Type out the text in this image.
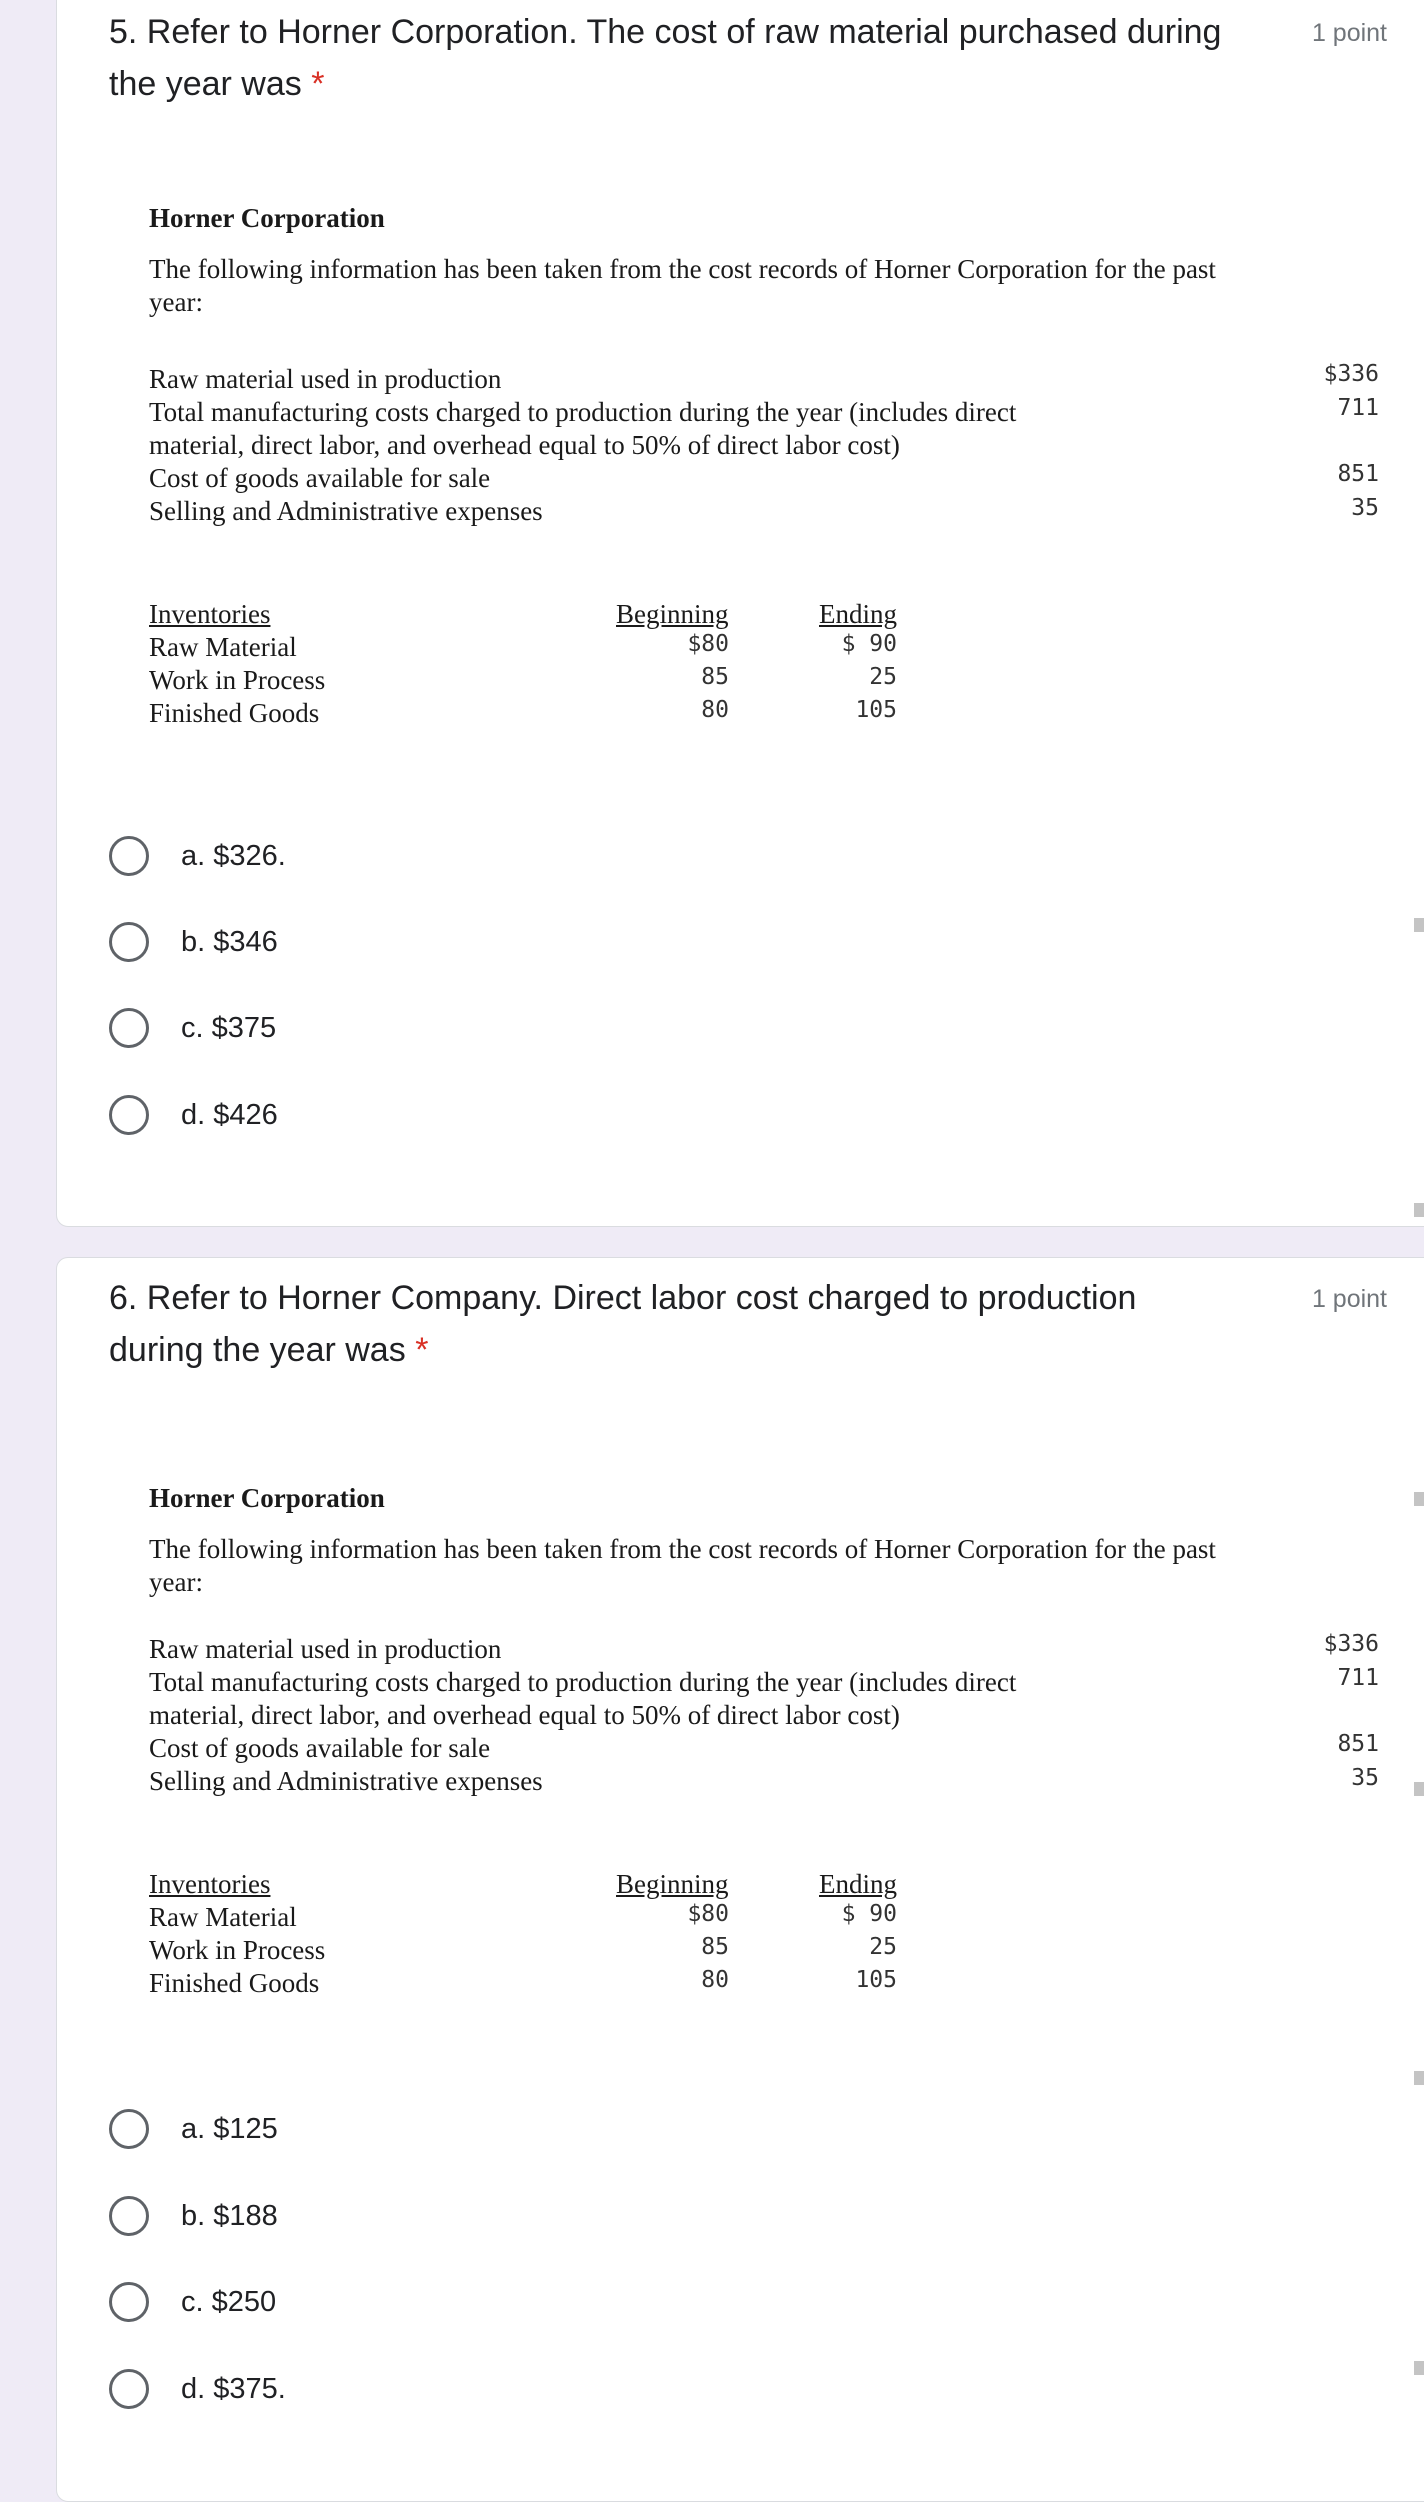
5. Refer to Horner Corporation. The cost of raw material purchased during
the year was *
1 point
Horner Corporation
The following information has been taken from the cost records of Horner Corporation for the past
year:
Raw material used in production	$336
Total manufacturing costs charged to production during the year (includes direct	711
material, direct labor, and overhead equal to 50% of direct labor cost)
Cost of goods available for sale	851
Selling and Administrative expenses	35
Inventories	Beginning	Ending
Raw Material	$80	$ 90
Work in Process	85	25
Finished Goods	80	105
a. $326.
b. $346
c. $375
d. $426
6. Refer to Horner Company. Direct labor cost charged to production
during the year was *
1 point
Horner Corporation
The following information has been taken from the cost records of Horner Corporation for the past
year:
Raw material used in production	$336
Total manufacturing costs charged to production during the year (includes direct	711
material, direct labor, and overhead equal to 50% of direct labor cost)
Cost of goods available for sale	851
Selling and Administrative expenses	35
Inventories	Beginning	Ending
Raw Material	$80	$ 90
Work in Process	85	25
Finished Goods	80	105
a. $125
b. $188
c. $250
d. $375.
